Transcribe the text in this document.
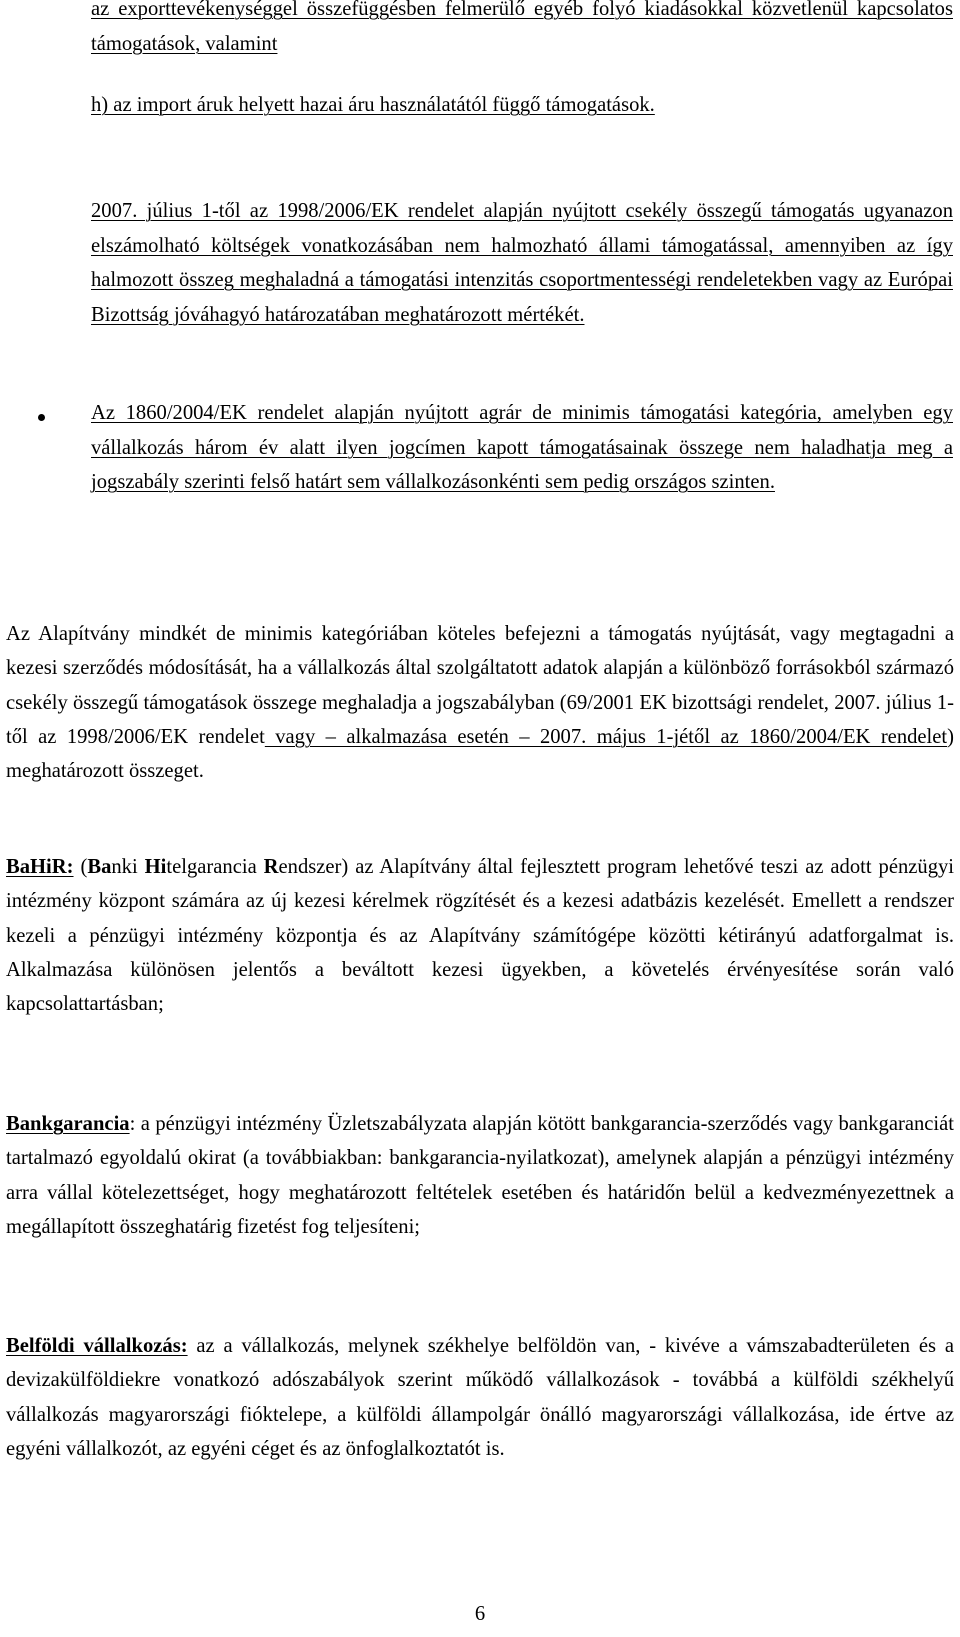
az exporttevékenységgel összefüggésben felmerülő egyéb folyó kiadásokkal közvetlenül kapcsolatos támogatások, valamint
h) az import áruk helyett hazai áru használatától függő támogatások.
2007. július 1-től az 1998/2006/EK rendelet alapján nyújtott csekély összegű támogatás ugyanazon elszámolható költségek vonatkozásában nem halmozható állami támogatással, amennyiben az így halmozott összeg meghaladná a támogatási intenzitás csoportmentességi rendeletekben vagy az Európai Bizottság jóváhagyó határozatában meghatározott mértékét.
Az 1860/2004/EK rendelet alapján nyújtott agrár de minimis támogatási kategória, amelyben egy vállalkozás három év alatt ilyen jogcímen kapott támogatásainak összege nem haladhatja meg a jogszabály szerinti felső határt sem vállalkozásonkénti sem pedig országos szinten.
Az Alapítvány mindkét de minimis kategóriában köteles befejezni a támogatás nyújtását, vagy megtagadni a kezesi szerződés módosítását, ha a vállalkozás által szolgáltatott adatok alapján a különböző forrásokból származó csekély összegű támogatások összege meghaladja a jogszabályban (69/2001 EK bizottsági rendelet, 2007. július 1-től az 1998/2006/EK rendelet vagy – alkalmazása esetén – 2007. május 1-jétől az 1860/2004/EK rendelet) meghatározott összeget.
BaHiR: (Banki Hitelgarancia Rendszer) az Alapítvány által fejlesztett program lehetővé teszi az adott pénzügyi intézmény központ számára az új kezesi kérelmek rögzítését és a kezesi adatbázis kezelését. Emellett a rendszer kezeli a pénzügyi intézmény központja és az Alapítvány számítógépe közötti kétirányú adatforgalmat is. Alkalmazása különösen jelentős a beváltott kezesi ügyekben, a követelés érvényesítése során való kapcsolattartásban;
Bankgarancia: a pénzügyi intézmény Üzletszabályzata alapján kötött bankgarancia-szerződés vagy bankgaranciát tartalmazó egyoldalú okirat (a továbbiakban: bankgarancia-nyilatkozat), amelynek alapján a pénzügyi intézmény arra vállal kötelezettséget, hogy meghatározott feltételek esetében és határidőn belül a kedvezményezettnek a megállapított összeghatárig fizetést fog teljesíteni;
Belföldi vállalkozás: az a vállalkozás, melynek székhelye belföldön van, - kivéve a vámszabadterületen és a devizakülföldiekre vonatkozó adószabályok szerint működő vállalkozások - továbbá a külföldi székhelyű vállalkozás magyarországi fióktelepe, a külföldi állampolgár önálló magyarországi vállalkozása, ide értve az egyéni vállalkozót, az egyéni céget és az önfoglalkoztatót is.
6
